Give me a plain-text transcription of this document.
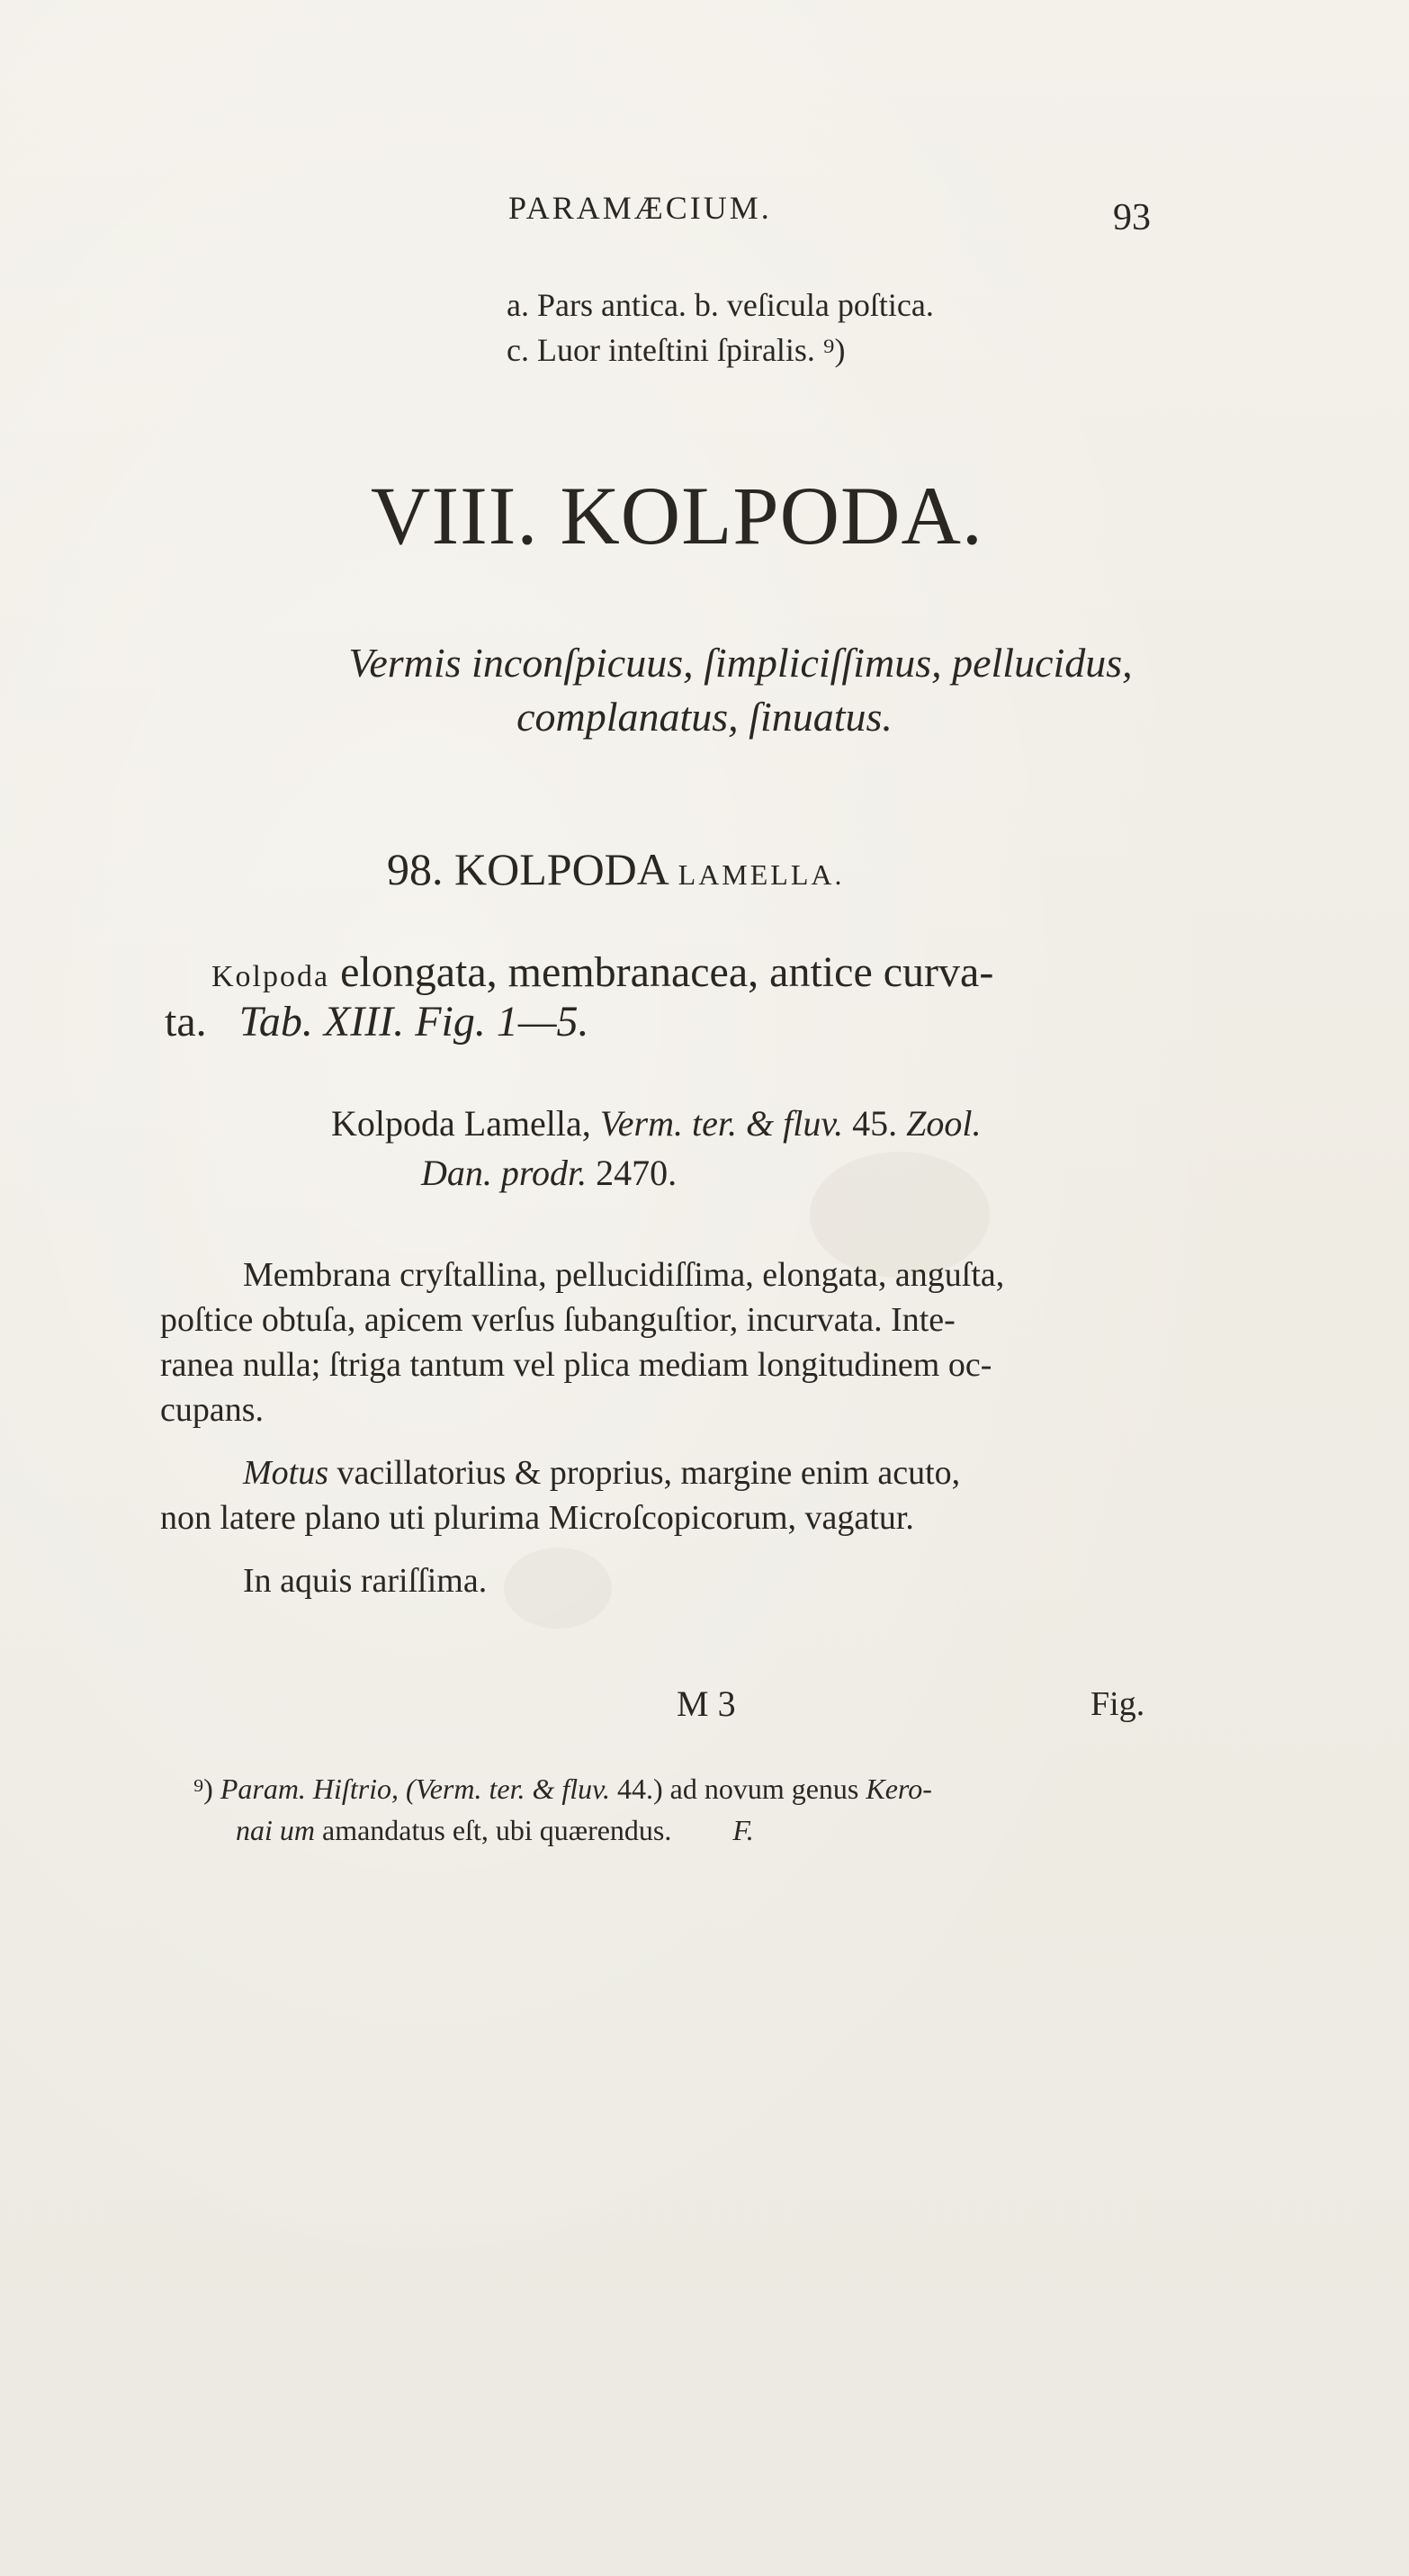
PARAMÆCIUM.	93
a. Pars antica. b. veſicula poſtica.
c. Luor inteſtini ſpiralis. ⁹)
VIII. KOLPODA.
Vermis inconſpicuus, ſimpliciſſimus, pellucidus,
complanatus, ſinuatus.
98. KOLPODA LAMELLA.
Kolpoda elongata, membranacea, antice curva-
ta. Tab. XIII. Fig. 1—5.
Kolpoda Lamella, Verm. ter. & fluv. 45. Zool.
Dan. prodr. 2470.
Membrana cryſtallina, pellucidiſſima, elongata, anguſta,
poſtice obtuſa, apicem verſus ſubanguſtior, incurvata. Inte-
ranea nulla; ſtriga tantum vel plica mediam longitudinem oc-
cupans.
Motus vacillatorius & proprius, margine enim acuto,
non latere plano uti plurima Microſcopicorum, vagatur.
In aquis rariſſima.
M 3	Fig.
⁹) Param. Hiſtrio, (Verm. ter. & fluv. 44.) ad novum genus Kero-
nai um amandatus eſt, ubi quærendus. F.
